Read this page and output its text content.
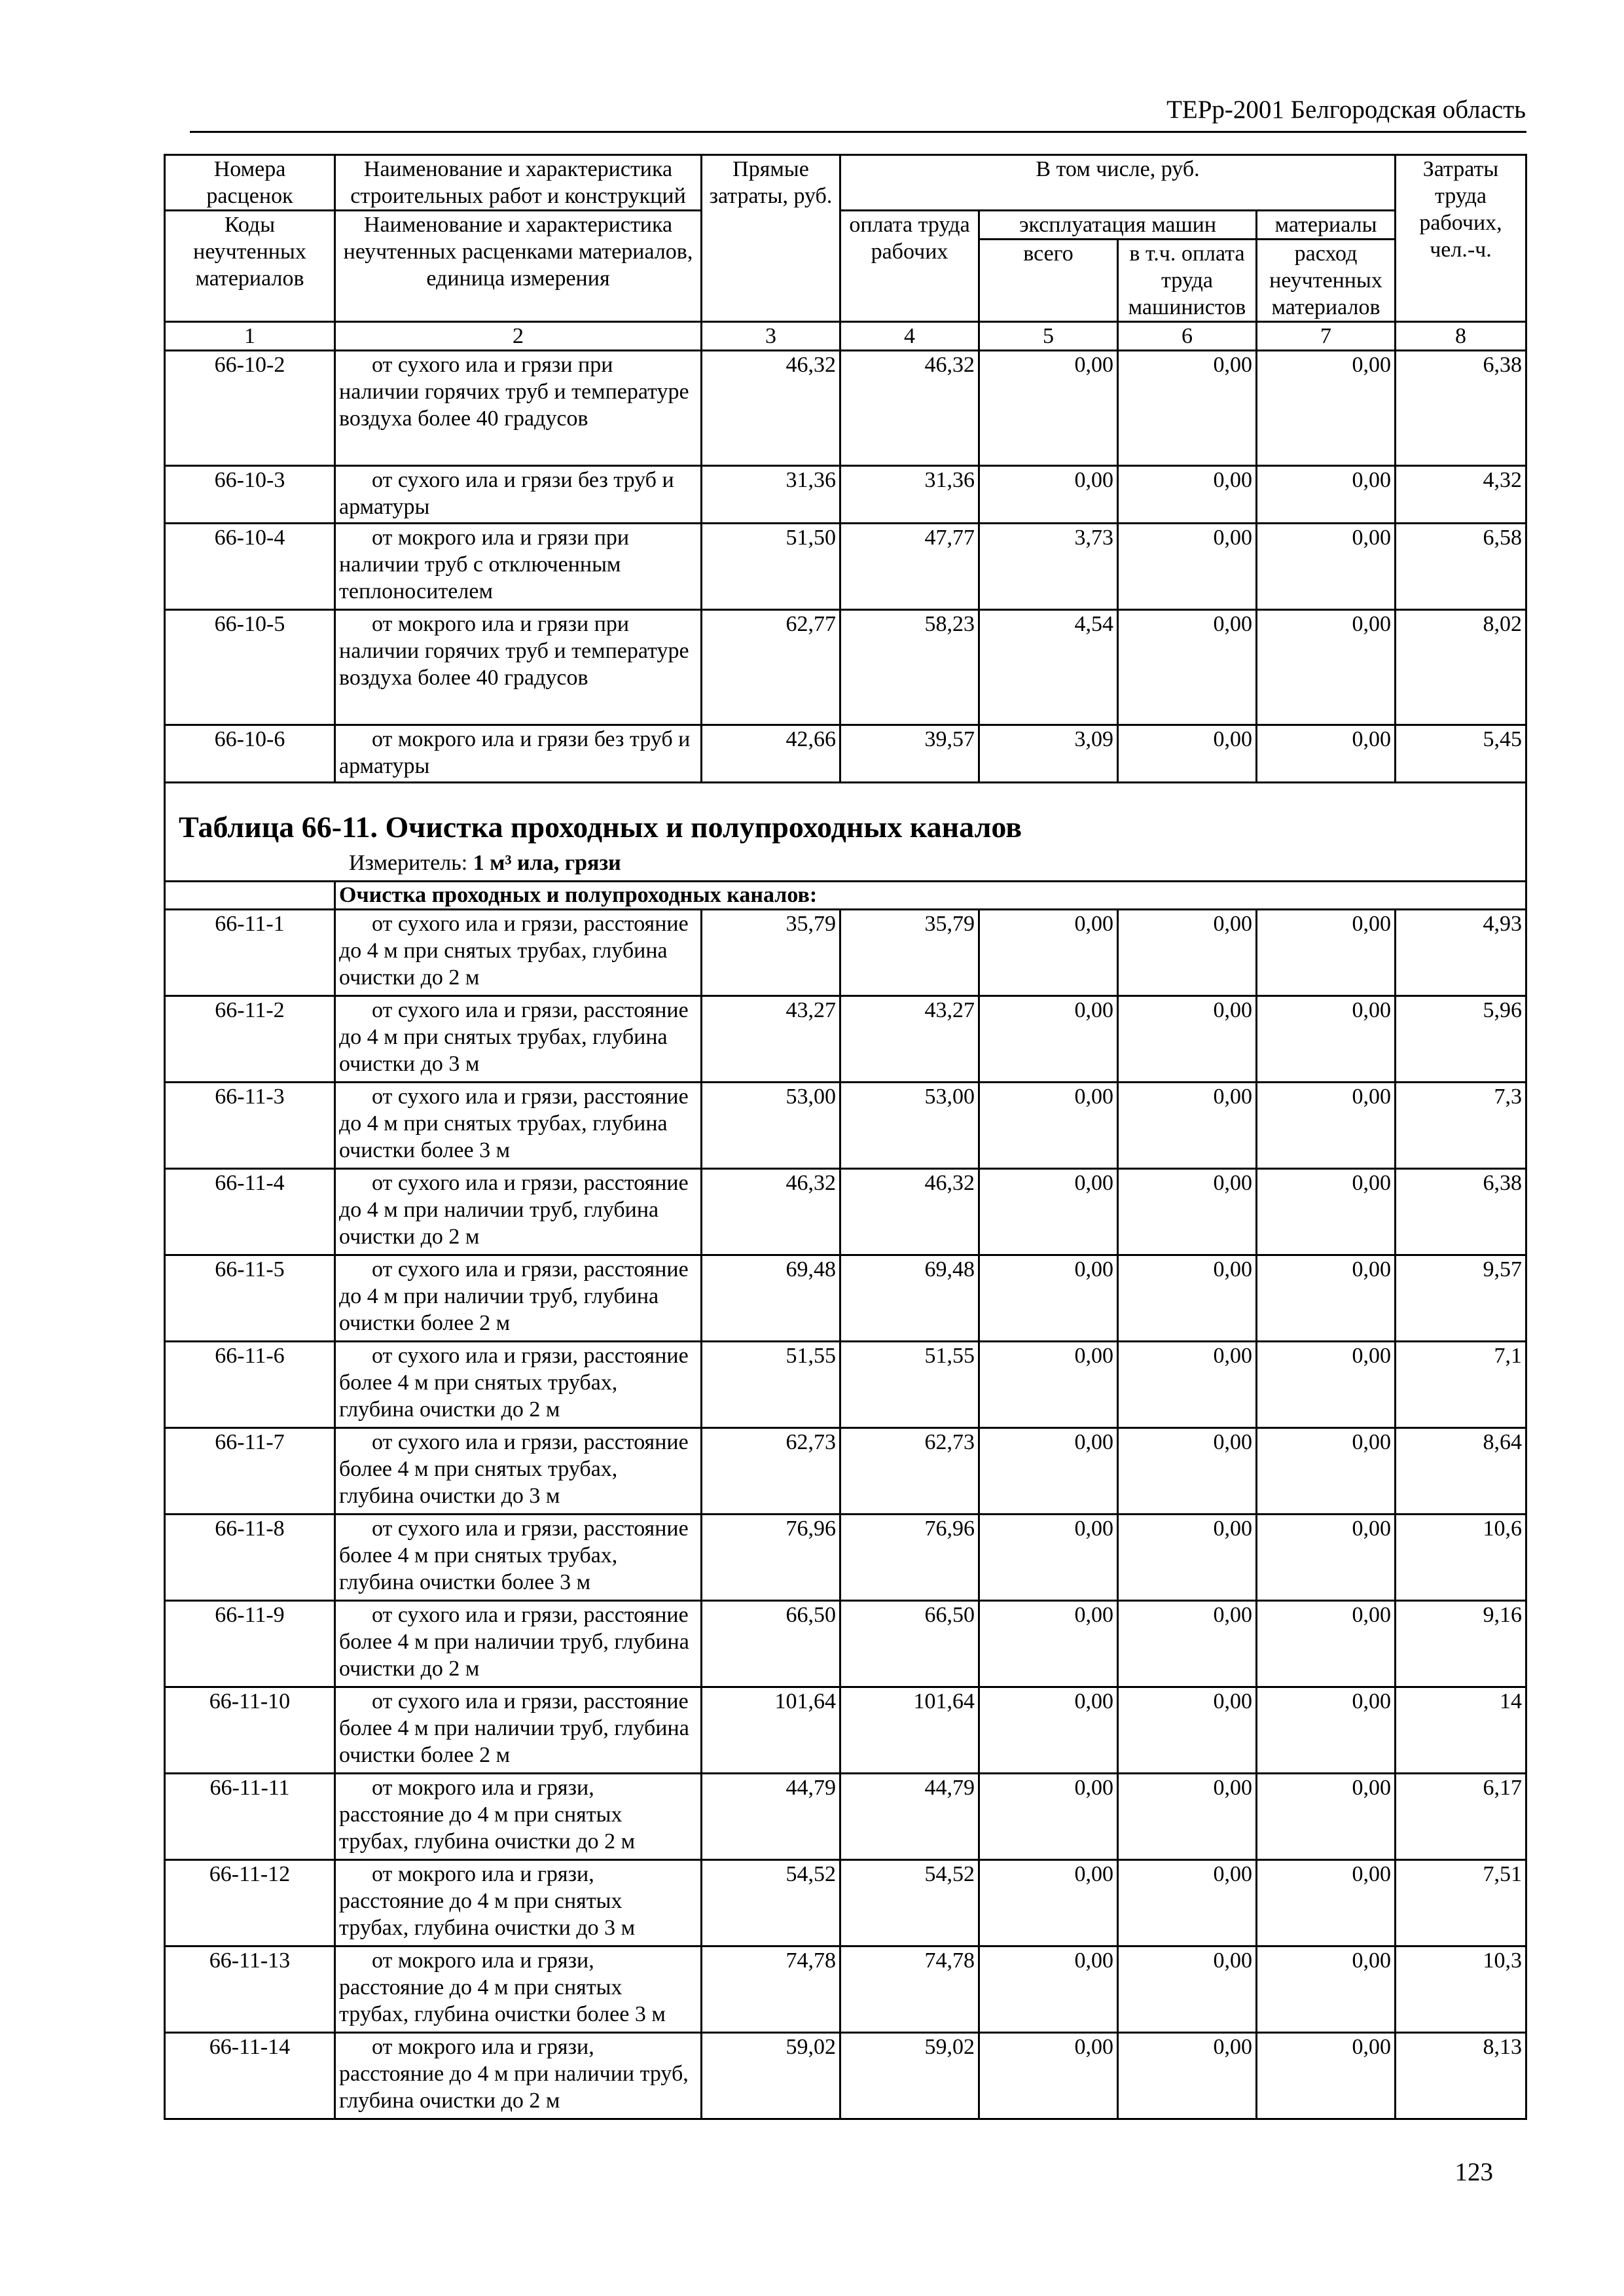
ТЕРр-2001 Белгородская область
Номера расценок	Наименование и характеристика строительных работ и конструкций	Прямые затраты, руб.	В том числе, руб.				Затраты труда рабочих, чел.-ч.
Коды неучтенных материалов	Наименование и характеристика неучтенных расценками материалов, единица измерения		оплата труда рабочих	эксплуатация машин		материалы	
				всего	в т.ч. оплата труда машинистов	расход неучтенных материалов	
1	2	3	4	5	6	7	8
66-10-2	от сухого ила и грязи при наличии горячих труб и температуре воздуха более 40 градусов	46,32	46,32	0,00	0,00	0,00	6,38
66-10-3	от сухого ила и грязи без труб и арматуры	31,36	31,36	0,00	0,00	0,00	4,32
66-10-4	от мокрого ила и грязи при наличии труб с отключенным теплоносителем	51,50	47,77	3,73	0,00	0,00	6,58
66-10-5	от мокрого ила и грязи при наличии горячих труб и температуре воздуха более 40 градусов	62,77	58,23	4,54	0,00	0,00	8,02
66-10-6	от мокрого ила и грязи без труб и арматуры	42,66	39,57	3,09	0,00	0,00	5,45

Таблица 66-11. Очистка проходных и полупроходных каналов
Измеритель: 1 м³ ила, грязи							

	Очистка проходных и полупроходных каналов:						
66-11-1	от сухого ила и грязи, расстояние до 4 м при снятых трубах, глубина очистки до 2 м	35,79	35,79	0,00	0,00	0,00	4,93
66-11-2	от сухого ила и грязи, расстояние до 4 м при снятых трубах, глубина очистки до 3 м	43,27	43,27	0,00	0,00	0,00	5,96
66-11-3	от сухого ила и грязи, расстояние до 4 м при снятых трубах, глубина очистки более 3 м	53,00	53,00	0,00	0,00	0,00	7,3
66-11-4	от сухого ила и грязи, расстояние до 4 м при наличии труб, глубина очистки до 2 м	46,32	46,32	0,00	0,00	0,00	6,38
66-11-5	от сухого ила и грязи, расстояние до 4 м при наличии труб, глубина очистки более 2 м	69,48	69,48	0,00	0,00	0,00	9,57
66-11-6	от сухого ила и грязи, расстояние более 4 м при снятых трубах, глубина очистки до 2 м	51,55	51,55	0,00	0,00	0,00	7,1
66-11-7	от сухого ила и грязи, расстояние более 4 м при снятых трубах, глубина очистки до 3 м	62,73	62,73	0,00	0,00	0,00	8,64
66-11-8	от сухого ила и грязи, расстояние более 4 м при снятых трубах, глубина очистки более 3 м	76,96	76,96	0,00	0,00	0,00	10,6
66-11-9	от сухого ила и грязи, расстояние более 4 м при наличии труб, глубина очистки до 2 м	66,50	66,50	0,00	0,00	0,00	9,16
66-11-10	от сухого ила и грязи, расстояние более 4 м при наличии труб, глубина очистки более 2 м	101,64	101,64	0,00	0,00	0,00	14
66-11-11	от мокрого ила и грязи, расстояние до 4 м при снятых трубах, глубина очистки до 2 м	44,79	44,79	0,00	0,00	0,00	6,17
66-11-12	от мокрого ила и грязи, расстояние до 4 м при снятых трубах, глубина очистки до 3 м	54,52	54,52	0,00	0,00	0,00	7,51
66-11-13	от мокрого ила и грязи, расстояние до 4 м при снятых трубах, глубина очистки более 3 м	74,78	74,78	0,00	0,00	0,00	10,3
66-11-14	от мокрого ила и грязи, расстояние до 4 м при наличии труб, глубина очистки до 2 м	59,02	59,02	0,00	0,00	0,00	8,13
123
